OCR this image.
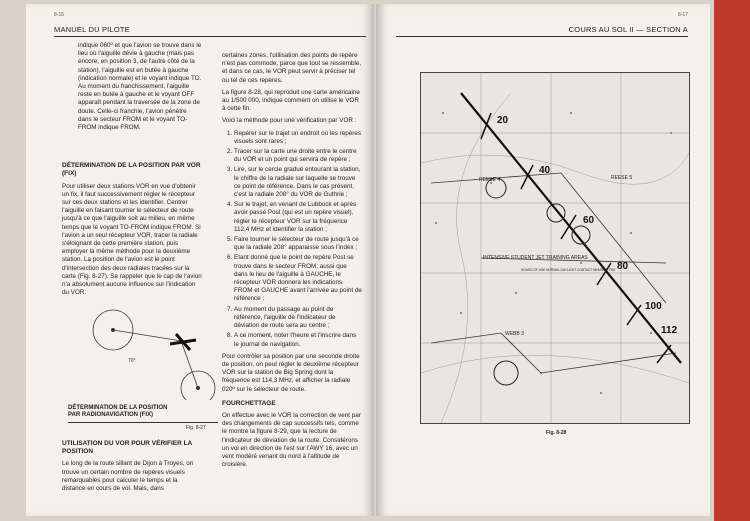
8-16
MANUEL DU PILOTE

indique 060º et que l'avion se trouve dans le lieu où l'aiguille dévie à gauche (mais pas encore, en position 3, de l'autre côté de la station), l'aiguille est en butée à gauche (indication normale) et le voyant indique TO. Au moment du franchissement, l'aiguille reste en butée à gauche et le voyant OFF apparaît pendant la traversée de la zone de doute. Celle-ci franchie, l'avion pénètre dans le secteur FROM et le voyant TO-FROM indique FROM.

DÉTERMINATION DE LA POSITION PAR VOR (FIX)

Pour utiliser deux stations VOR en vue d'obtenir un fix, il faut successivement régler le récepteur sur ces deux stations et les identifier. Centrer l'aiguille en faisant tourner le sélecteur de route jusqu'à ce que l'aiguille soit au milieu, en même temps que le voyant TO-FROM indique FROM. Si l'avion a un seul récepteur VOR, tracer la radiale s'éloignant de cette première station, puis employer la même méthode pour la deuxième station. La position de l'avion est le point d'intersection des deux radiales tracées sur la carte (Fig. 8-27). Se rappeler que le cap de l'avion n'a absolument aucune influence sur l'indication du VOR.

70°
DÉTERMINATION DE LA POSITION PAR RADIONAVIGATION (FIX)
Fig. 8-27
UTILISATION DU VOR POUR VÉRIFIER LA POSITION

Le long de la route sillant de Dijon à Troyes, on trouve un certain nombre de repères visuels remarquables pour calculer le temps et la distance en cours de vol. Mais, dans

certaines zones, l'utilisation des points de repère n'est pas commode, parce que tout se ressemble, et dans ce cas, le VOR peut servir à préciser tel ou tel de ces repères.

La figure 8-28, qui reproduit une carte américaine au 1/500 000, indique comment on utilise le VOR à cette fin.

Voici la méthode pour une vérification par VOR :

1. Repérer sur le trajet un endroit où les repères visuels sont rares ;
2. Tracer sur la carte une droite entre le centre du VOR et un point qui servira de repère ;
3. Lire, sur le cercle gradué entourant la station, le chiffre de la radiale sur laquelle se trouve ce point de référence. Dans le cas présent, c'est la radiale 208° du VOR de Guthrie ;
4. Sur le trajet, en venant de Lubbock et après avoir passé Post (qui est un repère visuel), régler le récepteur VOR sur la fréquence 112,4 MHz et identifier la station ;
5. Faire tourner le sélecteur de route jusqu'à ce que la radiale 208° apparaisse sous l'index ;
6. Etant donné que le point de repère Post se trouve dans le secteur FROM, aussi que dans le lieu de l'aiguille à GAUCHE, le récepteur VOR donnera les indications FROM et GAUCHE avant l'arrivée au point de référence ;
7. Au moment du passage au point de référence, l'aiguille de l'indicateur de déviation de route sera au centre ;
8. A ce moment, noter l'heure et l'inscrire dans le journal de navigation.

Pour contrôler sa position par une seconde droite de position, on peut régler le deuxième récepteur VOR sur la station de Big Spring dont la fréquence est 114,3 MHz, et afficher la radiale 020º sur le sélecteur de route.

FOURCHETTAGE

On effectue avec le VOR la correction de vent par des changements de cap successifs tels, comme le montre la figure 8-29, que la lecture de l'indicateur de déviation de la route. Considérons un vol en direction de l'est sur l'AWY 16, avec un vent modéré venant du nord à l'altitude de croisière.

8-17
COURS AU SOL II — SECTION A
20
40
60
80
100
112
REESE 4	REESE 5
INTENSIVE STUDENT JET TRAINING AREAS
HOURS OF USE NORMAL DAYLIGHT CONTACT NEAREST FSS
WEBB 3
Fig. 8-28
